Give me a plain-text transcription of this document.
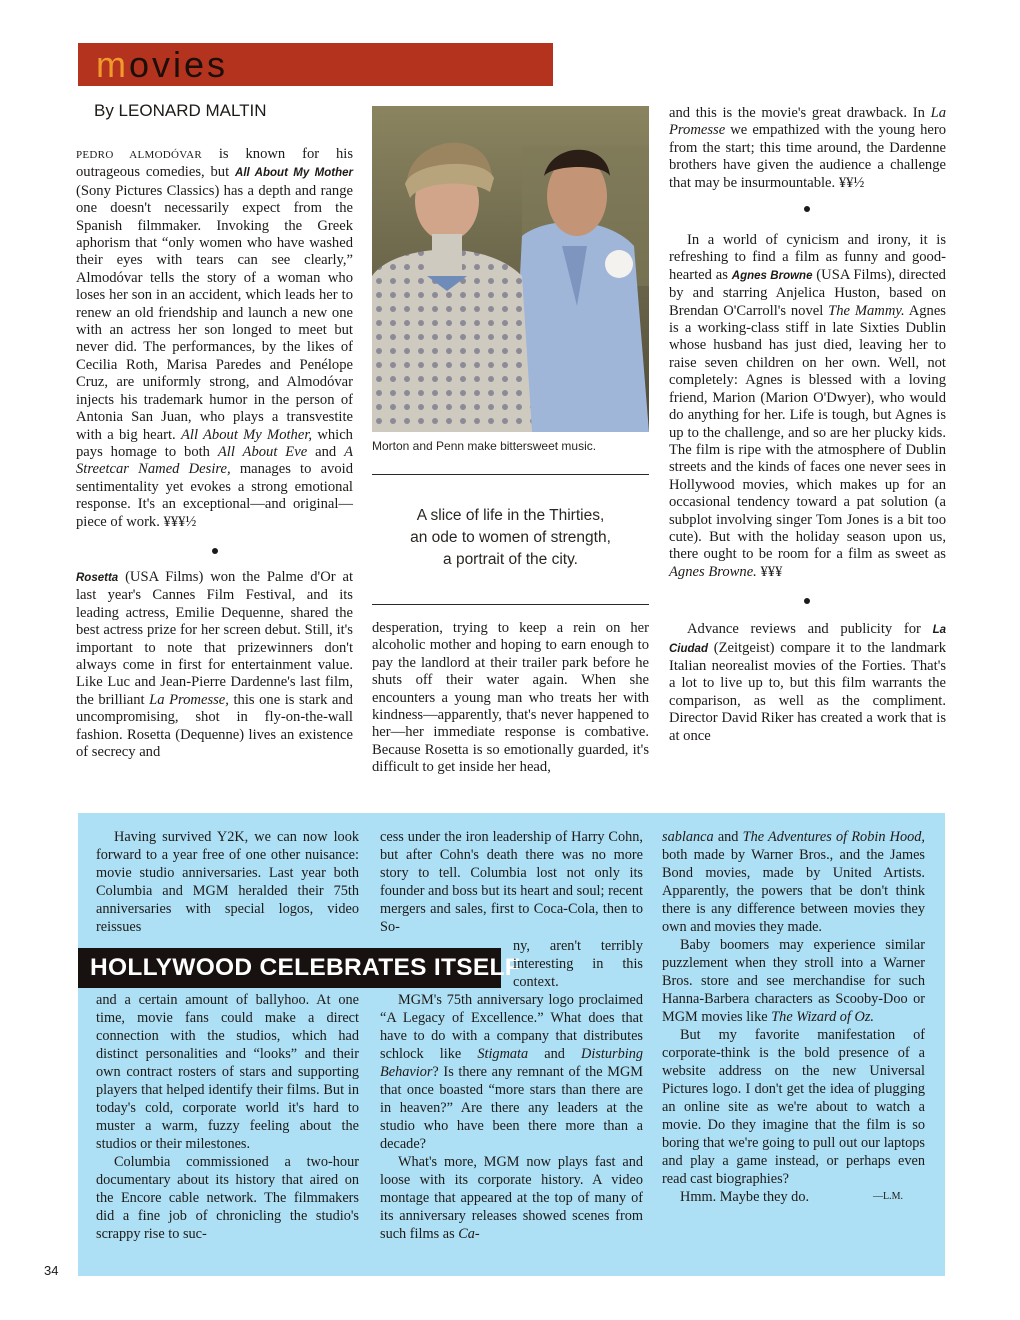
movies
By LEONARD MALTIN

PEDRO ALMODÓVAR is known for his outrageous comedies, but All About My Mother (Sony Pictures Classics) has a depth and range one doesn't necessarily expect from the Spanish filmmaker. Invoking the Greek aphorism that “only women who have washed their eyes with tears can see clearly,” Almodóvar tells the story of a woman who loses her son in an accident, which leads her to renew an old friendship and launch a new one with an actress her son longed to meet but never did. The performances, by the likes of Cecilia Roth, Marisa Paredes and Penélope Cruz, are uniformly strong, and Almodóvar injects his trademark humor in the person of Antonia San Juan, who plays a transvestite with a big heart. All About My Mother, which pays homage to both All About Eve and A Streetcar Named Desire, manages to avoid sentimentality yet evokes a strong emotional response. It's an exceptional—and original—piece of work. ¥¥¥½

Rosetta (USA Films) won the Palme d'Or at last year's Cannes Film Festival, and its leading actress, Emilie Dequenne, shared the best actress prize for her screen debut. Still, it's important to note that prizewinners don't always come in first for entertainment value. Like Luc and Jean-Pierre Dardenne's last film, the brilliant La Promesse, this one is stark and uncompromising, shot in fly-on-the-wall fashion. Rosetta (Dequenne) lives an existence of secrecy and

Morton and Penn make bittersweet music.
A slice of life in the Thirties,
an ode to women of strength,
a portrait of the city.

desperation, trying to keep a rein on her alcoholic mother and hoping to earn enough to pay the landlord at their trailer park before he shuts off their water again. When she encounters a young man who treats her with kindness—apparently, that's never happened to her—her immediate response is combative. Because Rosetta is so emotionally guarded, it's difficult to get inside her head,

and this is the movie's great drawback. In La Promesse we empathized with the young hero from the start; this time around, the Dardenne brothers have given the audience a challenge that may be insurmountable. ¥¥½

In a world of cynicism and irony, it is refreshing to find a film as funny and good-hearted as Agnes Browne (USA Films), directed by and starring Anjelica Huston, based on Brendan O'Carroll's novel The Mammy. Agnes is a working-class stiff in late Sixties Dublin whose husband has just died, leaving her to raise seven children on her own. Well, not completely: Agnes is blessed with a loving friend, Marion (Marion O'Dwyer), who would do anything for her. Life is tough, but Agnes is up to the challenge, and so are her plucky kids. The film is ripe with the atmosphere of Dublin streets and the kinds of faces one never sees in Hollywood movies, which makes up for an occasional tendency toward a pat solution (a subplot involving singer Tom Jones is a bit too cute). But with the holiday season upon us, there ought to be room for a film as sweet as Agnes Browne. ¥¥¥

Advance reviews and publicity for La Ciudad (Zeitgeist) compare it to the landmark Italian neorealist movies of the Forties. That's a lot to live up to, but this film warrants the comparison, as well as the compliment. Director David Riker has created a work that is at once

Having survived Y2K, we can now look forward to a year free of one other nuisance: movie studio anniversaries. Last year both Columbia and MGM heralded their 75th anniversaries with special logos, video reissues

HOLLYWOOD CELEBRATES ITSELF

and a certain amount of ballyhoo. At one time, movie fans could make a direct connection with the studios, which had distinct personalities and “looks” and their own contract rosters of stars and supporting players that helped identify their films. But in today's cold, corporate world it's hard to muster a warm, fuzzy feeling about the studios or their milestones.

Columbia commissioned a two-hour documentary about its history that aired on the Encore cable network. The filmmakers did a fine job of chronicling the studio's scrappy rise to suc-

cess under the iron leadership of Harry Cohn, but after Cohn's death there was no more story to tell. Columbia lost not only its founder and boss but its heart and soul; recent mergers and sales, first to Coca-Cola, then to So-

ny, aren't terribly interesting in this context.

MGM's 75th anniversary logo proclaimed “A Legacy of Excellence.” What does that have to do with a company that distributes schlock like Stigmata and Disturbing Behavior? Is there any remnant of the MGM that once boasted “more stars than there are in heaven?” Are there any leaders at the studio who have been there more than a decade?

What's more, MGM now plays fast and loose with its corporate history. A video montage that appeared at the top of many of its anniversary releases showed scenes from such films as Ca-

sablanca and The Adventures of Robin Hood, both made by Warner Bros., and the James Bond movies, made by United Artists. Apparently, the powers that be don't think there is any difference between movies they own and movies they made.

Baby boomers may experience similar puzzlement when they stroll into a Warner Bros. store and see merchandise for such Hanna-Barbera characters as Scooby-Doo or MGM movies like The Wizard of Oz.

But my favorite manifestation of corporate-think is the bold presence of a website address on the new Universal Pictures logo. I don't get the idea of plugging an online site as we're about to watch a movie. Do they imagine that the film is so boring that we're going to pull out our laptops and play a game instead, or perhaps even read cast biographies?

Hmm. Maybe they do.	—L.M.

34
